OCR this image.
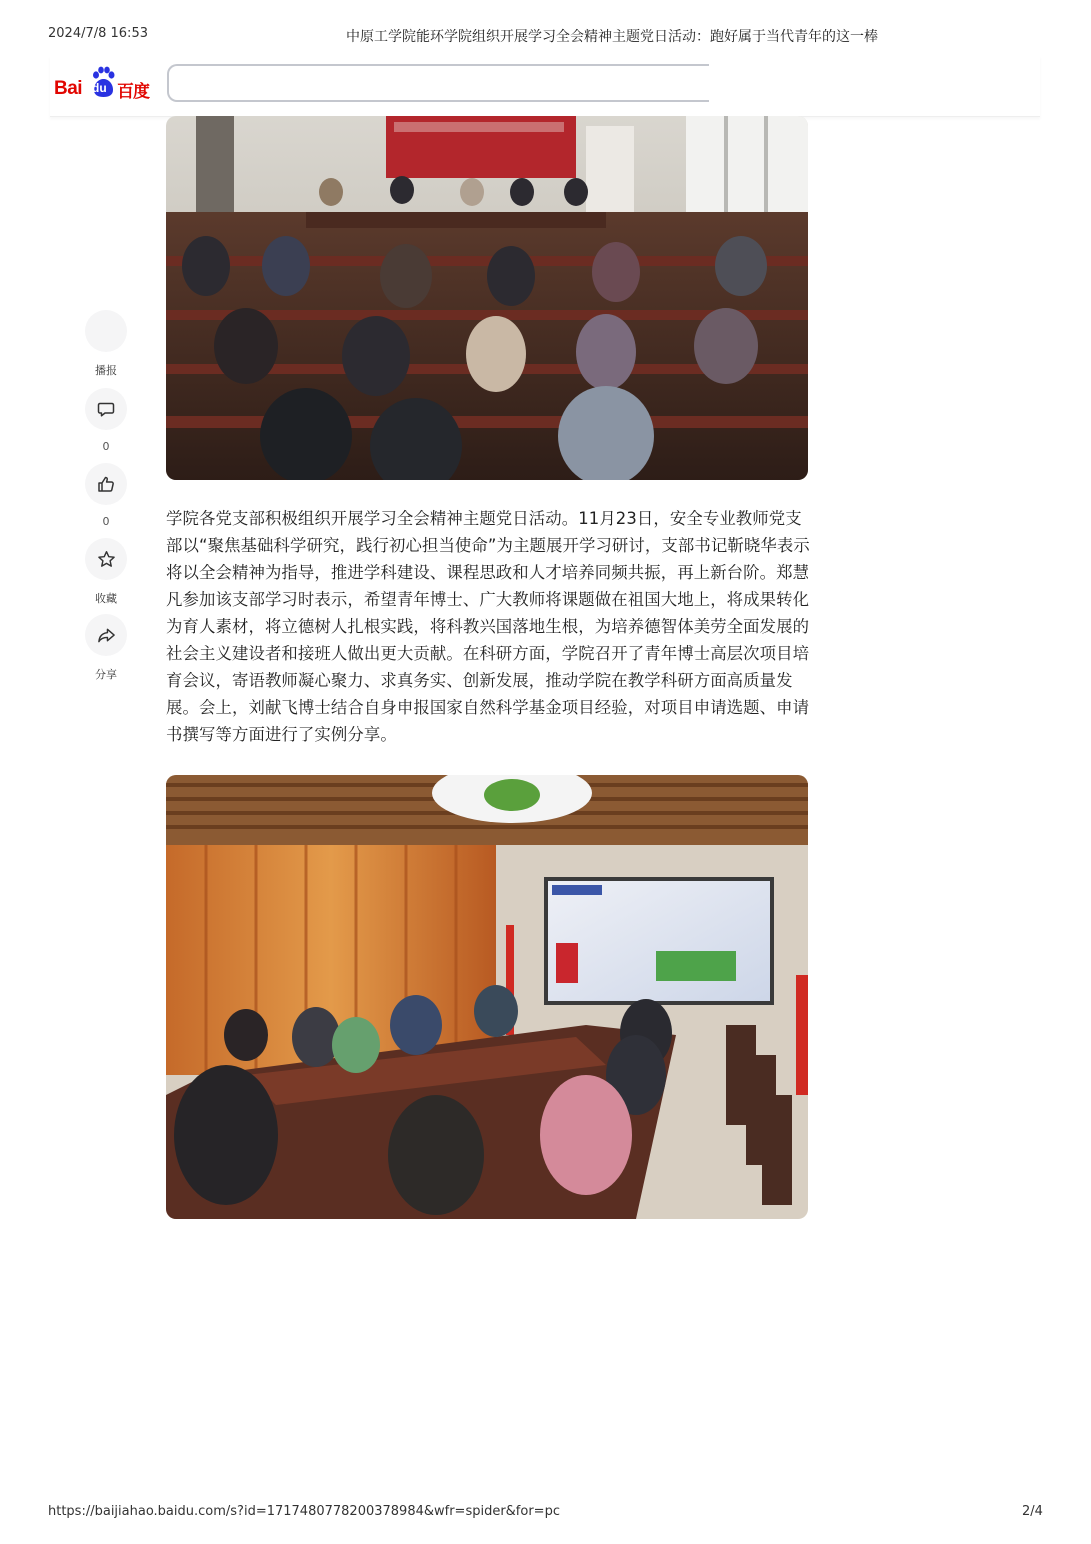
2024/7/8 16:53	中原工学院能环学院组织开展学习全会精神主题党日活动：跑好属于当代青年的这一棒
Bai du 百度
播报
0
0
收藏
分享

学院各党支部积极组织开展学习全会精神主题党日活动。11月23日，安全专业教师党支部以“聚焦基础科学研究，践行初心担当使命”为主题展开学习研讨，支部书记靳晓华表示将以全会精神为指导，推进学科建设、课程思政和人才培养同频共振，再上新台阶。郑慧凡参加该支部学习时表示，希望青年博士、广大教师将课题做在祖国大地上，将成果转化为育人素材，将立德树人扎根实践，将科教兴国落地生根，为培养德智体美劳全面发展的社会主义建设者和接班人做出更大贡献。在科研方面，学院召开了青年博士高层次项目培育会议，寄语教师凝心聚力、求真务实、创新发展，推动学院在教学科研方面高质量发展。会上，刘献飞博士结合自身申报国家自然科学基金项目经验，对项目申请选题、申请书撰写等方面进行了实例分享。

https://baijiahao.baidu.com/s?id=1717480778200378984&wfr=spider&for=pc	2/4
